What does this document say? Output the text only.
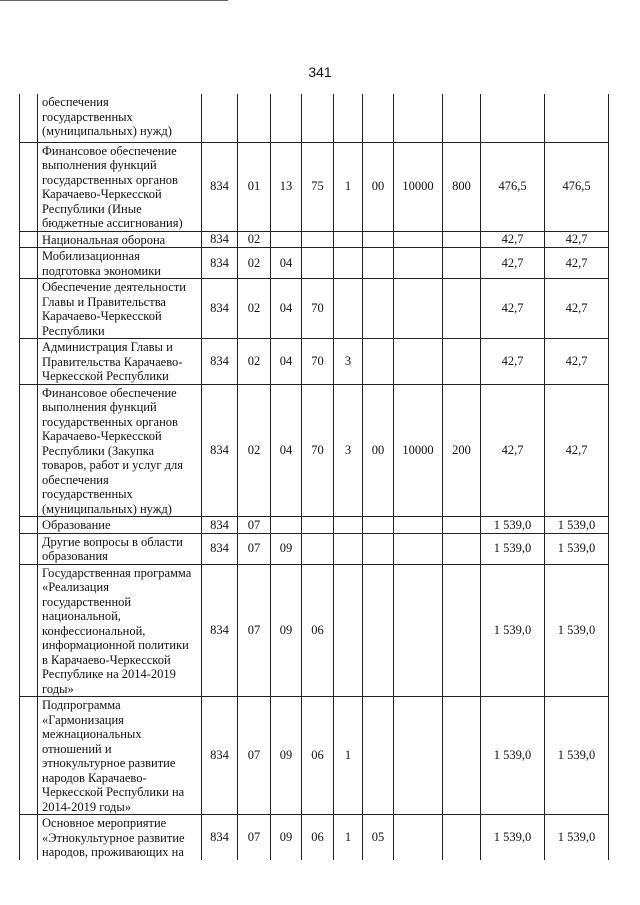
341
	обеспечения государственных (муниципальных) нужд)										
	Финансовое обеспечение выполнения функций государственных органов Карачаево-Черкесской Республики (Иные бюджетные ассигнования)	834	01	13	75	1	00	10000	800	476,5	476,5
	Национальная оборона	834	02							42,7	42,7
	Мобилизационная подготовка экономики	834	02	04						42,7	42,7
	Обеспечение деятельности Главы и Правительства Карачаево-Черкесской Республики	834	02	04	70					42,7	42,7
	Администрация Главы и Правительства Карачаево-Черкесской Республики	834	02	04	70	3				42,7	42,7
	Финансовое обеспечение выполнения функций государственных органов Карачаево-Черкесской Республики (Закупка товаров, работ и услуг для обеспечения государственных (муниципальных) нужд)	834	02	04	70	3	00	10000	200	42,7	42,7
	Образование	834	07							1 539,0	1 539,0
	Другие вопросы в области образования	834	07	09						1 539,0	1 539,0
	Государственная программа «Реализация государственной национальной, конфессиональной, информационной политики в Карачаево-Черкесской Республике на 2014-2019 годы»	834	07	09	06					1 539,0	1 539,0
	Подпрограмма «Гармонизация межнациональных отношений и этнокультурное развитие народов Карачаево-Черкесской Республики на 2014-2019 годы»	834	07	09	06	1				1 539,0	1 539,0
	Основное мероприятие «Этнокультурное развитие народов, проживающих на	834	07	09	06	1	05			1 539,0	1 539,0
